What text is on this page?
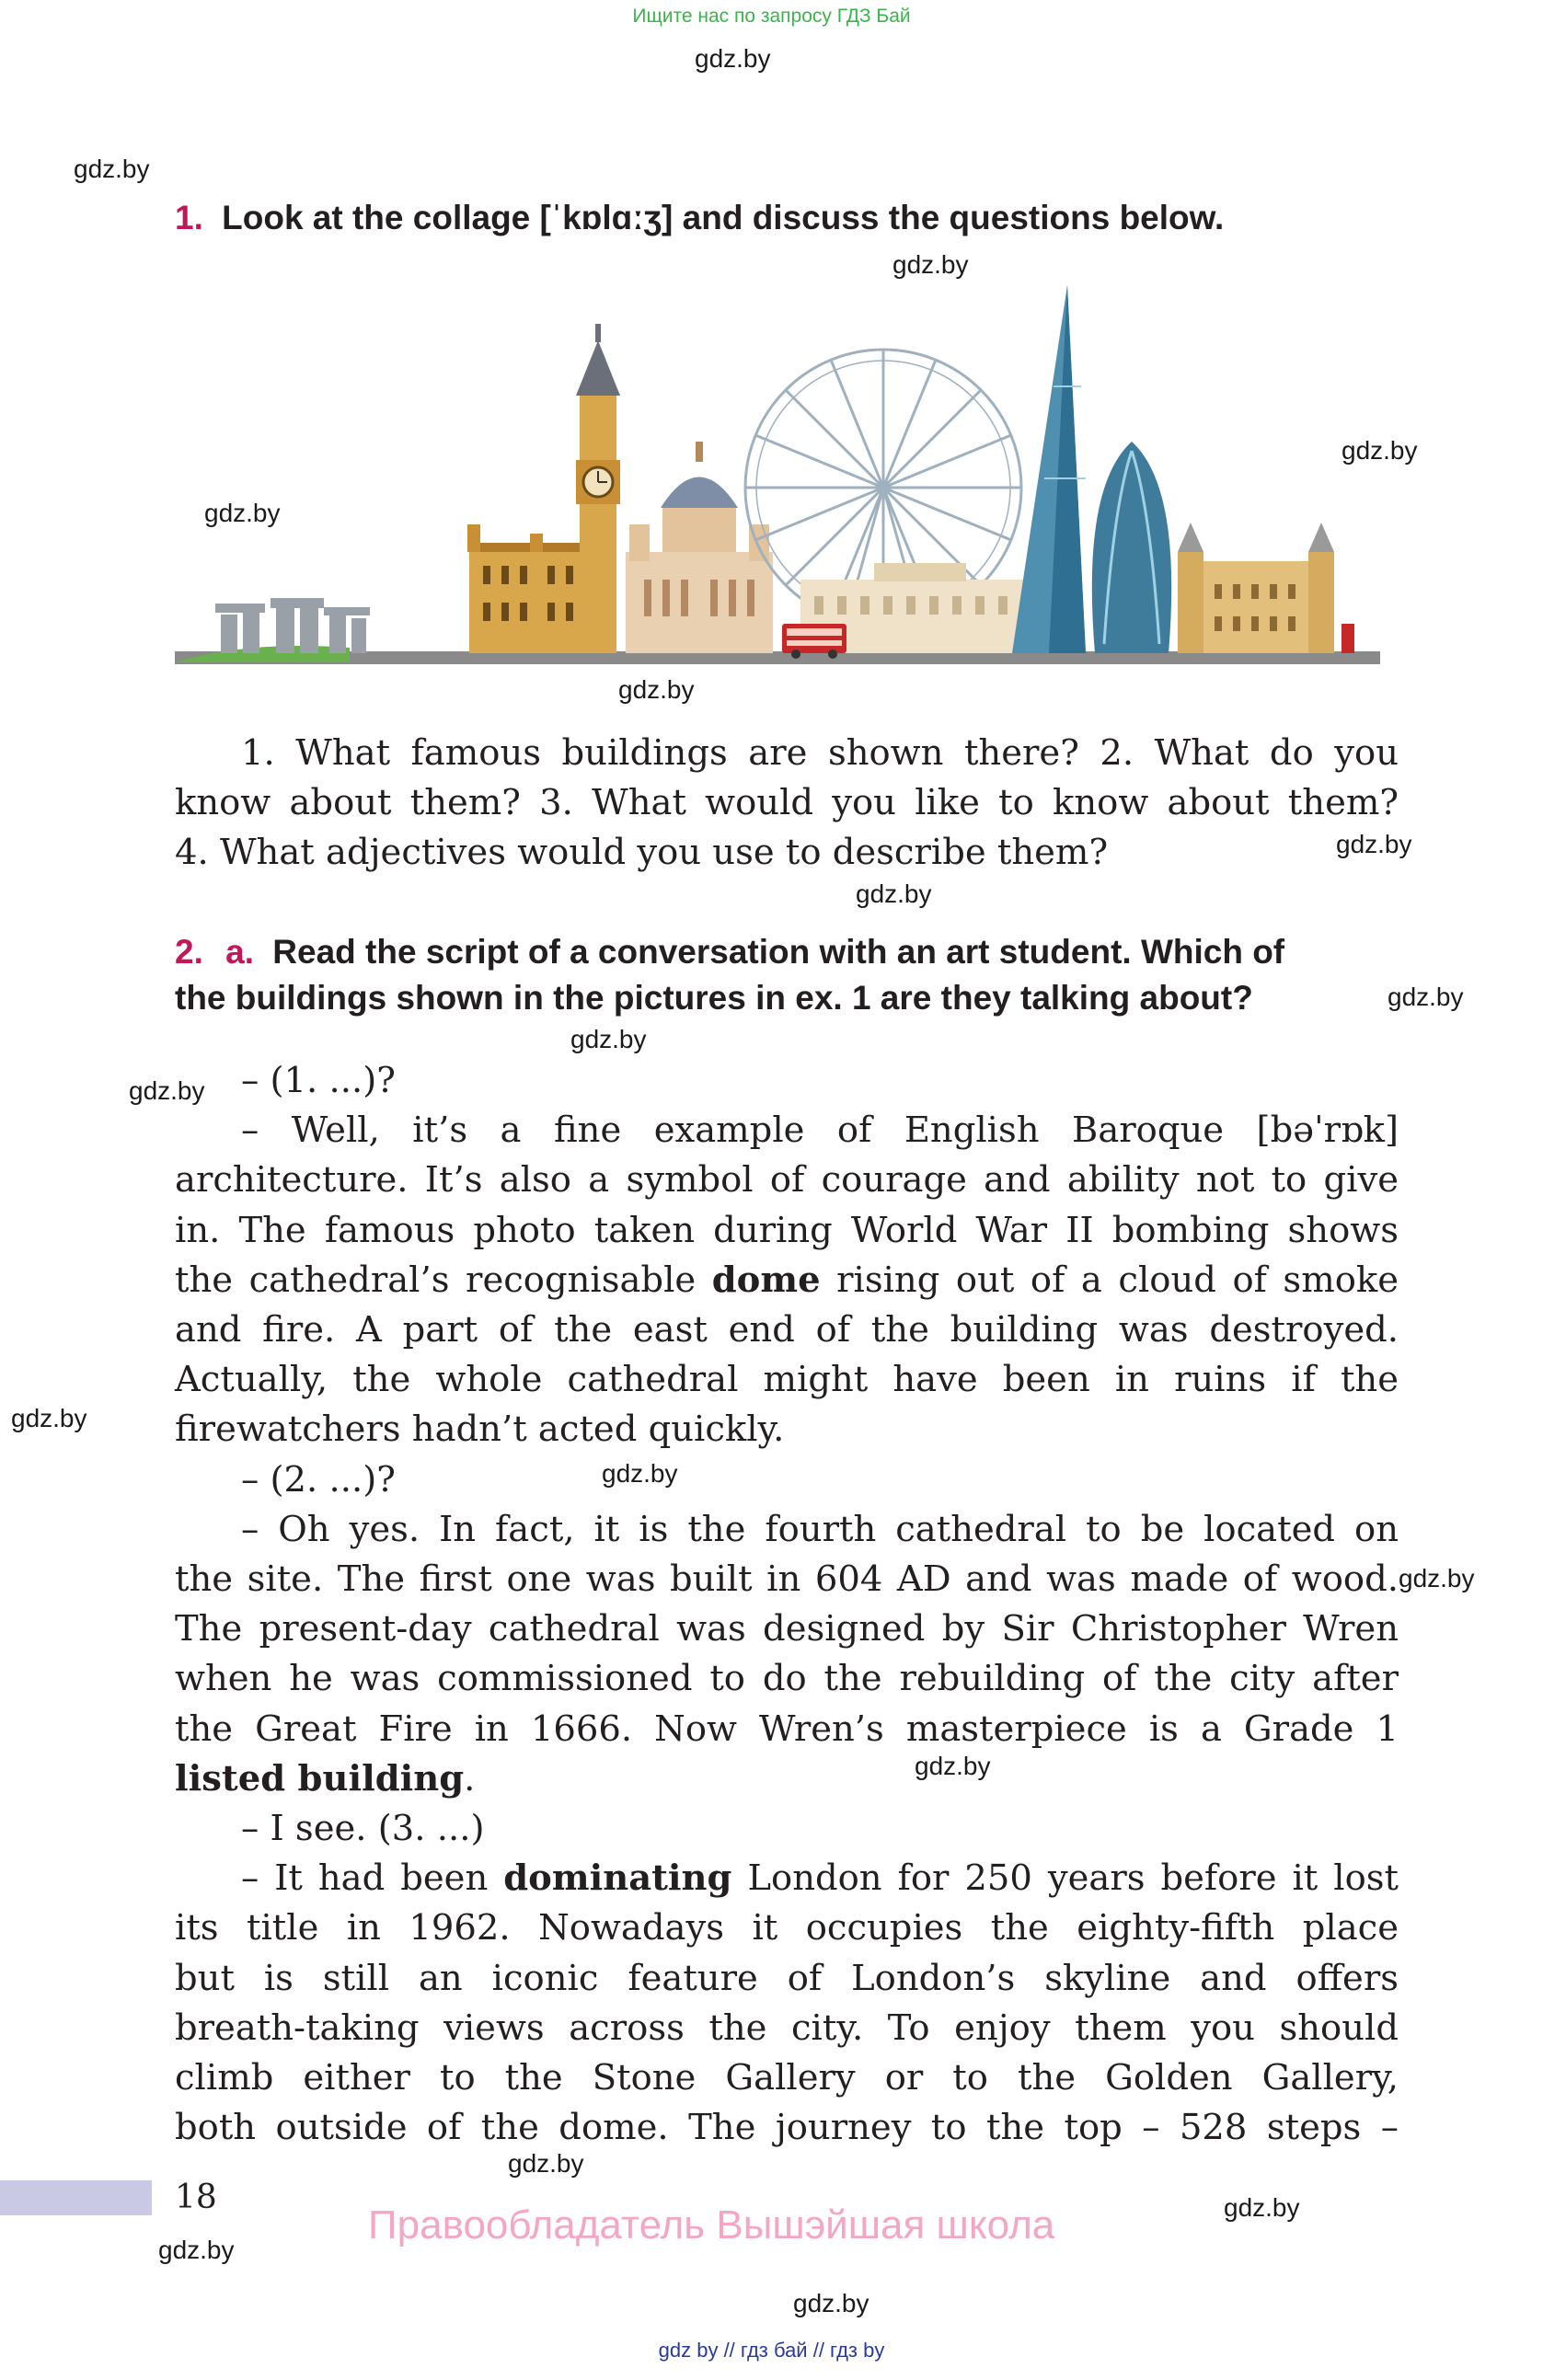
Ищите нас по запросу ГДЗ Бай
gdz.by
gdz.by
gdz.by
gdz.by
gdz.by
gdz.by
gdz.by
gdz.by
gdz.by
gdz.by
gdz.by
gdz.by
gdz.by
gdz.by
gdz.by
gdz.by
gdz.by
gdz.by
gdz.by
1. Look at the collage [ˈkɒlɑːʒ] and discuss the questions below.
1. What famous buildings are shown there? 2. What do you
know about them? 3. What would you like to know about them?
4. What adjectives would you use to describe them?
2. a. Read the script of a conversation with an art student. Which of
the buildings shown in the pictures in ex. 1 are they talking about?
– (1. ...)?
– Well, it’s a fine example of English Baroque [bəˈrɒk]
architecture. It’s also a symbol of courage and ability not to give
in. The famous photo taken during World War II bombing shows
the cathedral’s recognisable dome rising out of a cloud of smoke
and fire. A part of the east end of the building was destroyed.
Actually, the whole cathedral might have been in ruins if the
firewatchers hadn’t acted quickly.
– (2. ...)?
– Oh yes. In fact, it is the fourth cathedral to be located on
the site. The first one was built in 604 AD and was made of wood.
The present-day cathedral was designed by Sir Christopher Wren
when he was commissioned to do the rebuilding of the city after
the Great Fire in 1666. Now Wren’s masterpiece is a Grade 1
listed building.
– I see. (3. ...)
– It had been dominating London for 250 years before it lost
its title in 1962. Nowadays it occupies the eighty-fifth place
but is still an iconic feature of London’s skyline and offers
breath-taking views across the city. To enjoy them you should
climb either to the Stone Gallery or to the Golden Gallery,
both outside of the dome. The journey to the top – 528 steps –
18
Правообладатель Вышэйшая школа
gdz by // гдз бай // гдз by
